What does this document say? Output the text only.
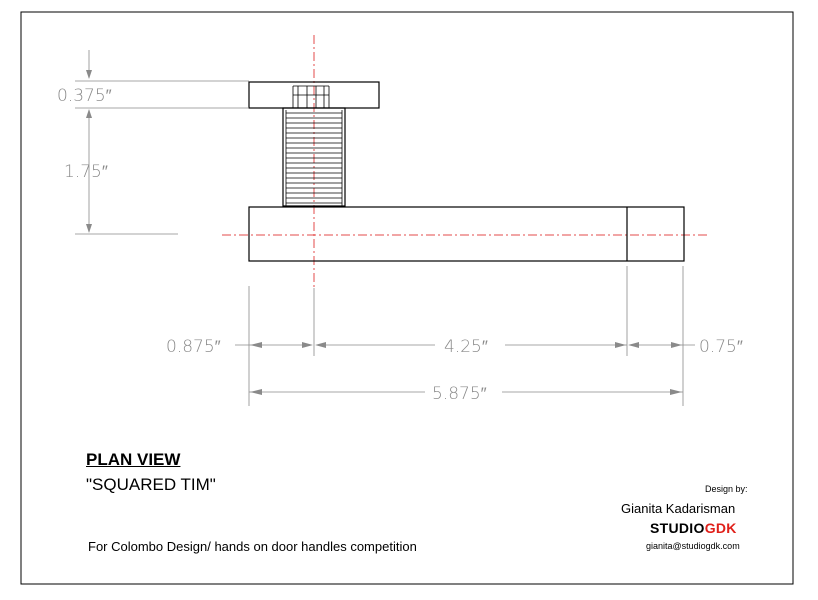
0.375″
1.75″
0.875″	4.25″	0.75″
5.875″

PLAN VIEW

"SQUARED TIM"

For Colombo Design/ hands on door handles competition

Design by:

Gianita Kadarisman

STUDIOGDK

gianita@studiogdk.com
